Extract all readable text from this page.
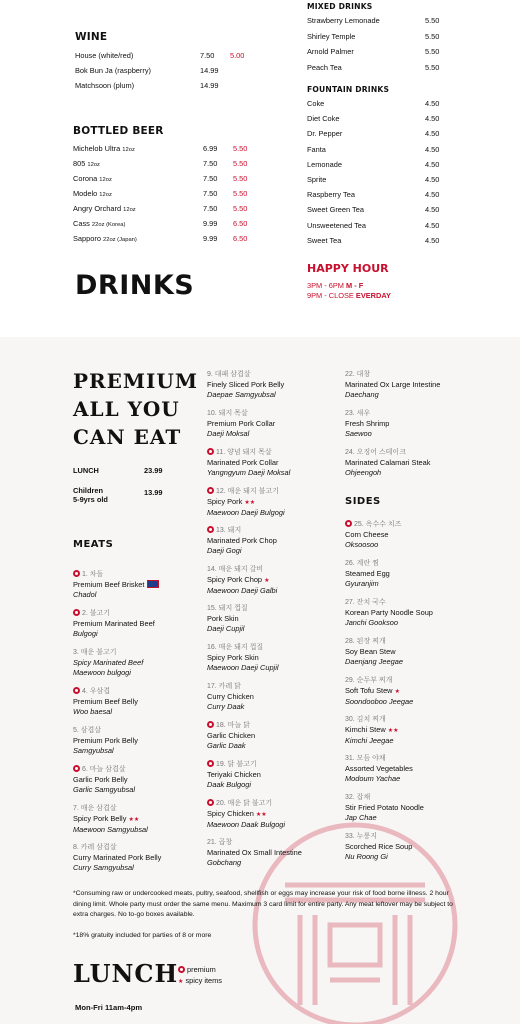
WINE
House (white/red)	7.50 5.00
Bok Bun Ja (raspberry)	14.99
Matchsoon (plum)	14.99
BOTTLED BEER
Michelob Ultra 12oz	6.99 5.50
805 12oz	7.50 5.50
Corona 12oz	7.50 5.50
Modelo 12oz	7.50 5.50
Angry Orchard 12oz	7.50 5.50
Cass 22oz (Korea)	9.99 6.50
Sapporo 22oz (Japan)	9.99 6.50
MIXED DRINKS
Strawberry Lemonade	5.50
Shirley Temple	5.50
Arnold Palmer	5.50
Peach Tea	5.50
FOUNTAIN DRINKS
Coke	4.50
Diet Coke	4.50
Dr. Pepper	4.50
Fanta	4.50
Lemonade	4.50
Sprite	4.50
Raspberry Tea	4.50
Sweet Green Tea	4.50
Unsweetened Tea	4.50
Sweet Tea	4.50
DRINKS
HAPPY HOUR
3PM - 6PM M - F
9PM - CLOSE EVERDAY
PREMIUM
ALL YOU
CAN EAT
LUNCH	23.99
Children
5-9yrs old
13.99
MEATS
SIDES
1. 차돌
Premium Beef Brisket
Chadol
2. 불고기
Premium Marinated Beef
Bulgogi
3. 매운 불고기
Spicy Marinated Beef
Maewoon bulgogi
4. 우삼겹
Premium Beef Belly
Woo baesal
5. 삼겹살
Premium Pork Belly
Samgyubsal
6. 마늘 삼겹살
Garlic Pork Belly
Garlic Samgyubsal
7. 매운 삼겹살
Spicy Pork Belly ★★
Maewoon Samgyubsal
8. 카레 삼겹살
Curry Marinated Pork Belly
Curry Samgyubsal
9. 대패 삼겹살
Finely Sliced Pork Belly
Daepae Samgyubsal
10. 돼지 목살
Premium Pork Collar
Daeji Moksal
11. 양념 돼지 목살
Marinated Pork Collar
Yangngyum Daeji Moksal
12. 매운 돼지 불고기
Spicy Pork ★★
Maewoon Daeji Bulgogi
13. 돼지
Marinated Pork Chop
Daeji Gogi
14. 매운 돼지 갈비
Spicy Pork Chop ★
Maewoon Daeji Galbi
15. 돼지 껍질
Pork Skin
Daeji Cupjil
16. 매운 돼지 껍질
Spicy Pork Skin
Maewoon Daeji Cupjil
17. 카레 닭
Curry Chicken
Curry Daak
18. 마늘 닭
Garlic Chicken
Garlic Daak
19. 닭 불고기
Teriyaki Chicken
Daak Bulgogi
20. 매운 닭 불고기
Spicy Chicken ★★
Maewoon Daak Bulgogi
21. 곱창
Marinated Ox Small Intestine
Gobchang
22. 대창
Marinated Ox Large Intestine
Daechang
23. 새우
Fresh Shrimp
Saewoo
24. 오징어 스테이크
Marinated Calamari Steak
Ohjeengoh
25. 옥수수 치즈
Corn Cheese
Oksoosoo
26. 계란 찜
Steamed Egg
Gyuranjim
27. 잔치 국수
Korean Party Noodle Soup
Janchi Gooksoo
28. 된장 찌개
Soy Bean Stew
Daenjang Jeegae
29. 순두부 찌개
Soft Tofu Stew ★
Soondooboo Jeegae
30. 김치 찌개
Kimchi Stew ★★
Kimchi Jeegae
31. 모듬 야채
Assorted Vegetables
Modoum Yachae
32. 잡채
Stir Fried Potato Noodle
Jap Chae
33. 누룽지
Scorched Rice Soup
Nu Roong Gi
*Consuming raw or undercooked meats, pultry, seafood, shellfish or eggs may increase your risk of food borne illness. 2 hour dining limit. Whole party must order the same menu. Maximum 3 card limit for entire party. Any meat leftover may be subject to extra charges. No to-go boxes available.
*18% gratuity included for parties of 8 or more
LUNCH	premium
★ spicy items
Mon-Fri 11am-4pm
